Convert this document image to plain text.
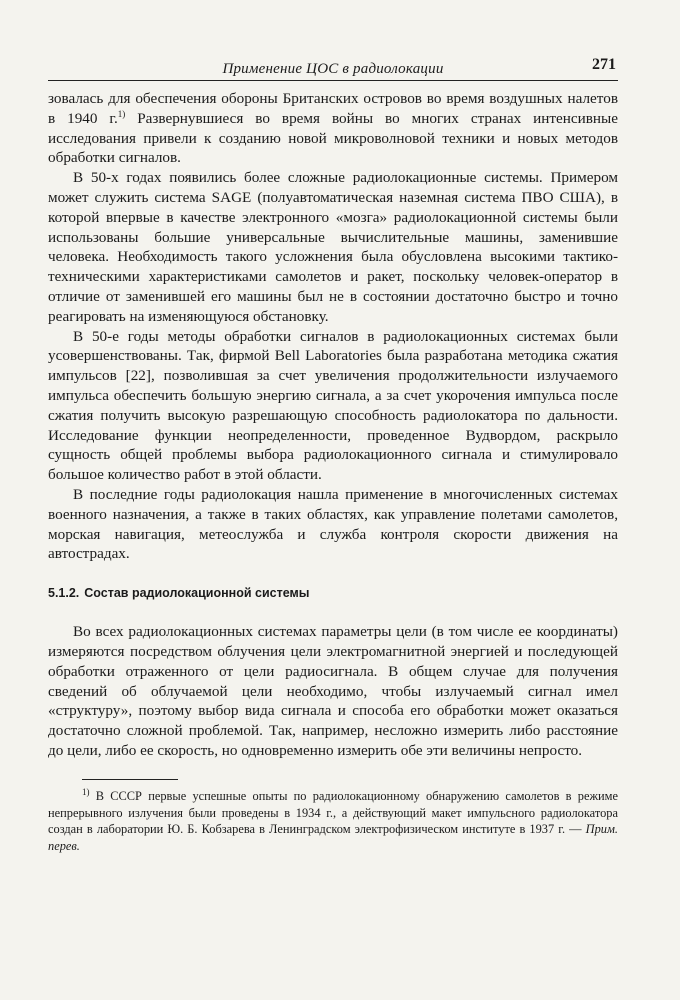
Применение ЦОС в радиолокации	271

зовалась для обеспечения обороны Британских островов во время воздушных налетов в 1940 г.$^{1)}$ Развернувшиеся во время войны во многих странах интенсивные исследования привели к созданию новой микроволновой техники и новых методов обработки сигналов.

В 50-х годах появились более сложные радиолокационные системы. Примером может служить система SAGE (полуавтоматическая наземная система ПВО США), в которой впервые в качестве электронного «мозга» радиолокационной системы были использованы большие универсальные вычислительные машины, заменившие человека. Необходимость такого усложнения была обусловлена высокими тактико-техническими характеристиками самолетов и ракет, поскольку человек-оператор в отличие от заменившей его машины был не в состоянии достаточно быстро и точно реагировать на изменяющуюся обстановку.

В 50-е годы методы обработки сигналов в радиолокационных системах были усовершенствованы. Так, фирмой Bell Laboratories была разработана методика сжатия импульсов [22], позволившая за счет увеличения продолжительности излучаемого импульса обеспечить большую энергию сигнала, а за счет укорочения импульса после сжатия получить высокую разрешающую способность радиолокатора по дальности. Исследование функции неопределенности, проведенное Вудвордом, раскрыло сущность общей проблемы выбора радиолокационного сигнала и стимулировало большое количество работ в этой области.

В последние годы радиолокация нашла применение в многочисленных системах военного назначения, а также в таких областях, как управление полетами самолетов, морская навигация, метеослужба и служба контроля скорости движения на автострадах.

5.1.2. Состав радиолокационной системы

Во всех радиолокационных системах параметры цели (в том числе ее координаты) измеряются посредством облучения цели электромагнитной энергией и последующей обработки отраженного от цели радиосигнала. В общем случае для получения сведений об облучаемой цели необходимо, чтобы излучаемый сигнал имел «структуру», поэтому выбор вида сигнала и способа его обработки может оказаться достаточно сложной проблемой. Так, например, несложно измерить либо расстояние до цели, либо ее скорость, но одновременно измерить обе эти величины непросто.

$^{1)}$ В СССР первые успешные опыты по радиолокационному обнаружению самолетов в режиме непрерывного излучения были проведены в 1934 г., а действующий макет импульсного радиолокатора создан в лаборатории Ю. Б. Кобзарева в Ленинградском электрофизическом институте в 1937 г. — Прим. перев.
